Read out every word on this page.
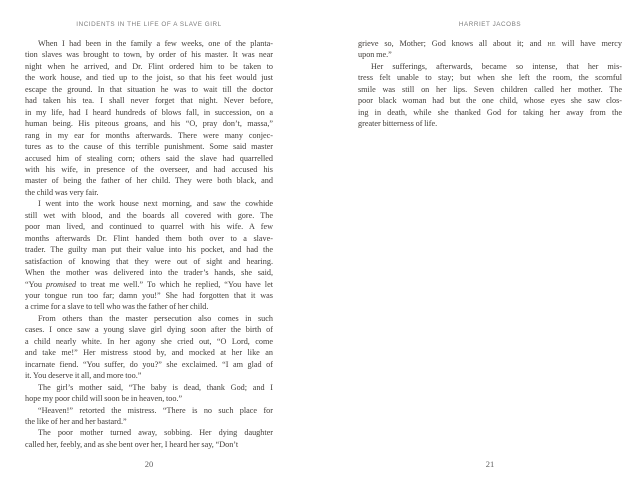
INCIDENTS IN THE LIFE OF A SLAVE GIRL
When I had been in the family a few weeks, one of the planta-
tion slaves was brought to town, by order of his master. It was near
night when he arrived, and Dr. Flint ordered him to be taken to
the work house, and tied up to the joist, so that his feet would just
escape the ground. In that situation he was to wait till the doctor
had taken his tea. I shall never forget that night. Never before,
in my life, had I heard hundreds of blows fall, in succession, on a
human being. His piteous groans, and his “O, pray don’t, massa,”
rang in my ear for months afterwards. There were many conjec-
tures as to the cause of this terrible punishment. Some said master
accused him of stealing corn; others said the slave had quarrelled
with his wife, in presence of the overseer, and had accused his
master of being the father of her child. They were both black, and
the child was very fair.
I went into the work house next morning, and saw the cowhide
still wet with blood, and the boards all covered with gore. The
poor man lived, and continued to quarrel with his wife. A few
months afterwards Dr. Flint handed them both over to a slave-
trader. The guilty man put their value into his pocket, and had the
satisfaction of knowing that they were out of sight and hearing.
When the mother was delivered into the trader’s hands, she said,
“You promised to treat me well.” To which he replied, “You have let
your tongue run too far; damn you!” She had forgotten that it was
a crime for a slave to tell who was the father of her child.
From others than the master persecution also comes in such
cases. I once saw a young slave girl dying soon after the birth of
a child nearly white. In her agony she cried out, “O Lord, come
and take me!” Her mistress stood by, and mocked at her like an
incarnate fiend. “You suffer, do you?” she exclaimed. “I am glad of
it. You deserve it all, and more too.”
The girl’s mother said, “The baby is dead, thank God; and I
hope my poor child will soon be in heaven, too.”
“Heaven!” retorted the mistress. “There is no such place for
the like of her and her bastard.”
The poor mother turned away, sobbing. Her dying daughter
called her, feebly, and as she bent over her, I heard her say, “Don’t
20
HARRIET JACOBS
grieve so, Mother; God knows all about it; and he will have mercy
upon me.”
Her sufferings, afterwards, became so intense, that her mis-
tress felt unable to stay; but when she left the room, the scornful
smile was still on her lips. Seven children called her mother. The
poor black woman had but the one child, whose eyes she saw clos-
ing in death, while she thanked God for taking her away from the
greater bitterness of life.
21
